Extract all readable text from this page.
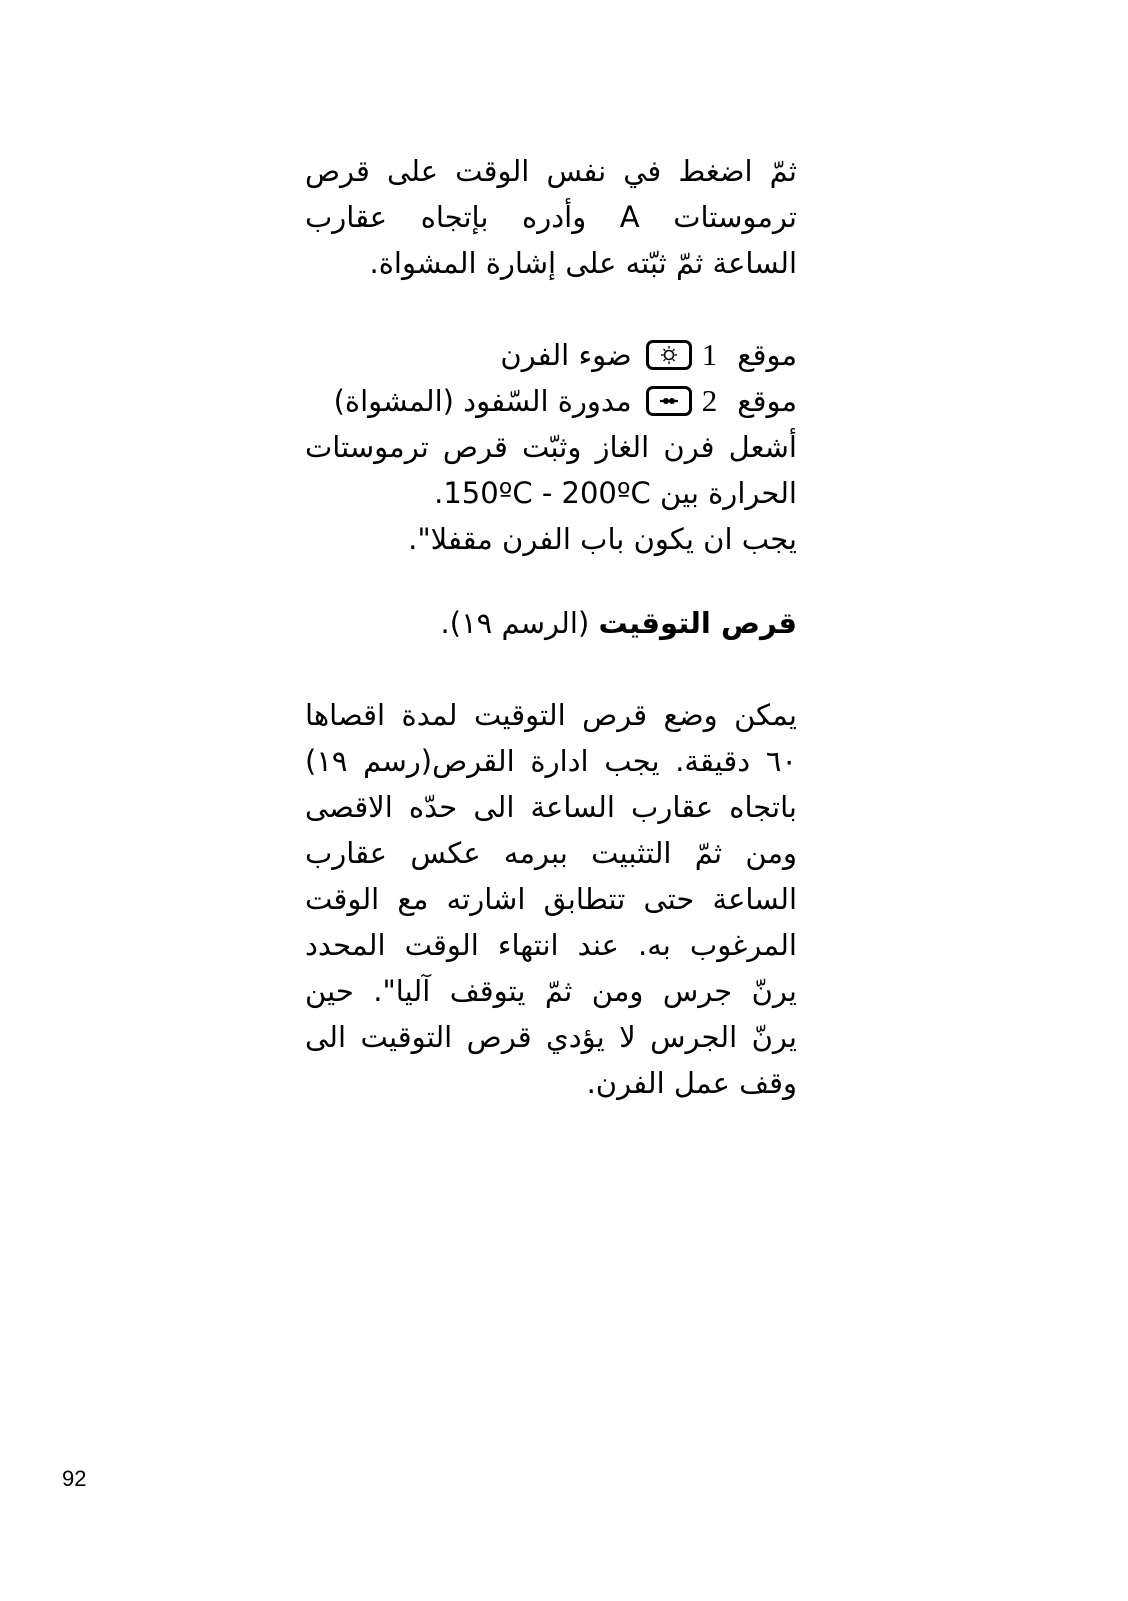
ثمّ اضغط في نفس الوقت على قرص
ترموستات A وأدره بإتجاه عقارب
الساعة ثمّ ثبّته على إشارة المشواة.
موقع
1
ضوء الفرن
موقع
2
مدورة السّفود (المشواة)
أشعل فرن الغاز وثبّت قرص ترموستات
الحرارة بين 150ºC - 200ºC.
يجب ان يكون باب الفرن مقفلا".
قرص التوقيت (الرسم ١٩).
يمكن وضع قرص التوقيت لمدة اقصاها
٦٠ دقيقة. يجب ادارة القرص(رسم ١٩)
باتجاه عقارب الساعة الى حدّه الاقصى
ومن ثمّ التثبيت ببرمه عكس عقارب
الساعة حتى تتطابق اشارته مع الوقت
المرغوب به. عند انتهاء الوقت المحدد
يرنّ جرس ومن ثمّ يتوقف آليا". حين
يرنّ الجرس لا يؤدي قرص التوقيت الى
وقف عمل الفرن.
92
